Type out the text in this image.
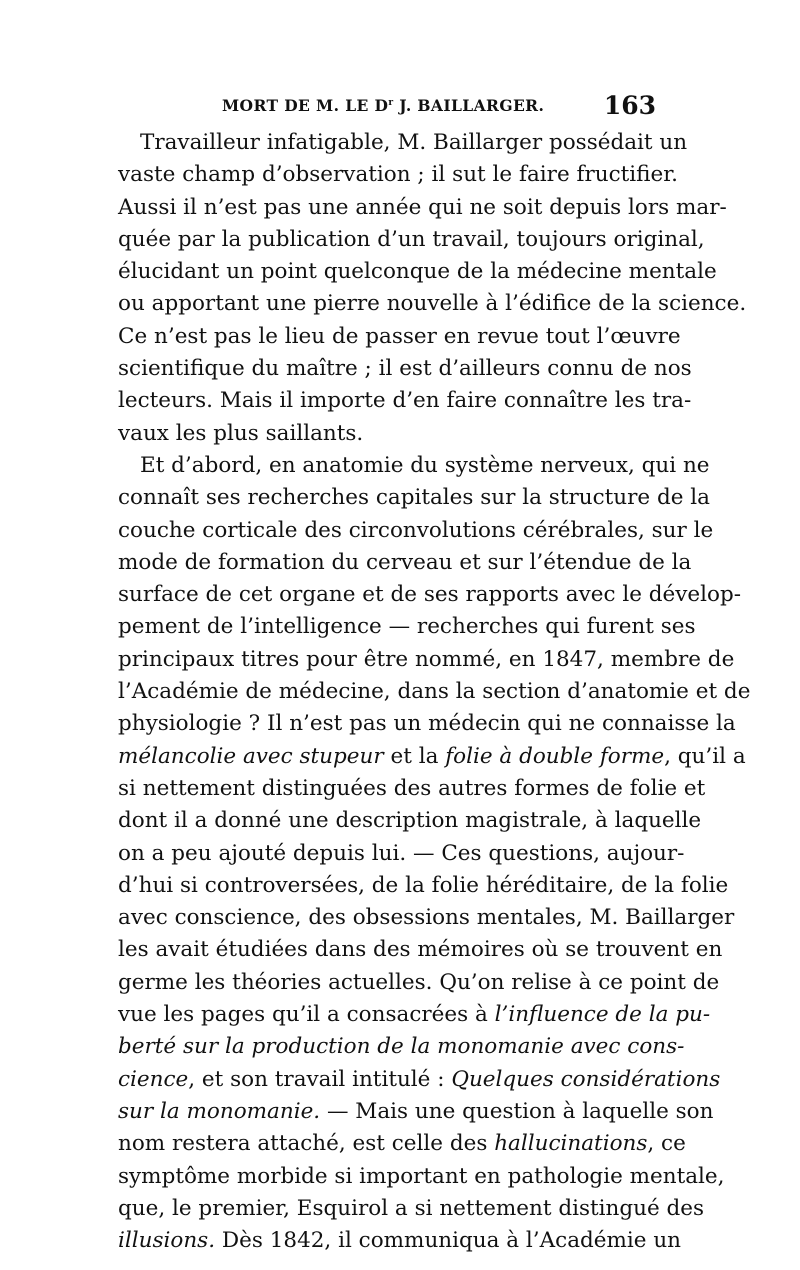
MORT DE M. LE $D^r$ J. BAILLARGER. 163
Travailleur infatigable, M. Baillarger possédait un
vaste champ d’observation ; il sut le faire fructifier.
Aussi il n’est pas une année qui ne soit depuis lors mar-
quée par la publication d’un travail, toujours original,
élucidant un point quelconque de la médecine mentale
ou apportant une pierre nouvelle à l’édifice de la science.
Ce n’est pas le lieu de passer en revue tout l’œuvre
scientifique du maître ; il est d’ailleurs connu de nos
lecteurs. Mais il importe d’en faire connaître les tra-
vaux les plus saillants.
Et d’abord, en anatomie du système nerveux, qui ne
connaît ses recherches capitales sur la structure de la
couche corticale des circonvolutions cérébrales, sur le
mode de formation du cerveau et sur l’étendue de la
surface de cet organe et de ses rapports avec le dévelop-
pement de l’intelligence — recherches qui furent ses
principaux titres pour être nommé, en 1847, membre de
l’Académie de médecine, dans la section d’anatomie et de
physiologie ? Il n’est pas un médecin qui ne connaisse la
mélancolie avec stupeur et la folie à double forme, qu’il a
si nettement distinguées des autres formes de folie et
dont il a donné une description magistrale, à laquelle
on a peu ajouté depuis lui. — Ces questions, aujour-
d’hui si controversées, de la folie héréditaire, de la folie
avec conscience, des obsessions mentales, M. Baillarger
les avait étudiées dans des mémoires où se trouvent en
germe les théories actuelles. Qu’on relise à ce point de
vue les pages qu’il a consacrées à l’influence de la pu-
berté sur la production de la monomanie avec cons-
cience, et son travail intitulé : Quelques considérations
sur la monomanie. — Mais une question à laquelle son
nom restera attaché, est celle des hallucinations, ce
symptôme morbide si important en pathologie mentale,
que, le premier, Esquirol a si nettement distingué des
illusions. Dès 1842, il communiqua à l’Académie un
